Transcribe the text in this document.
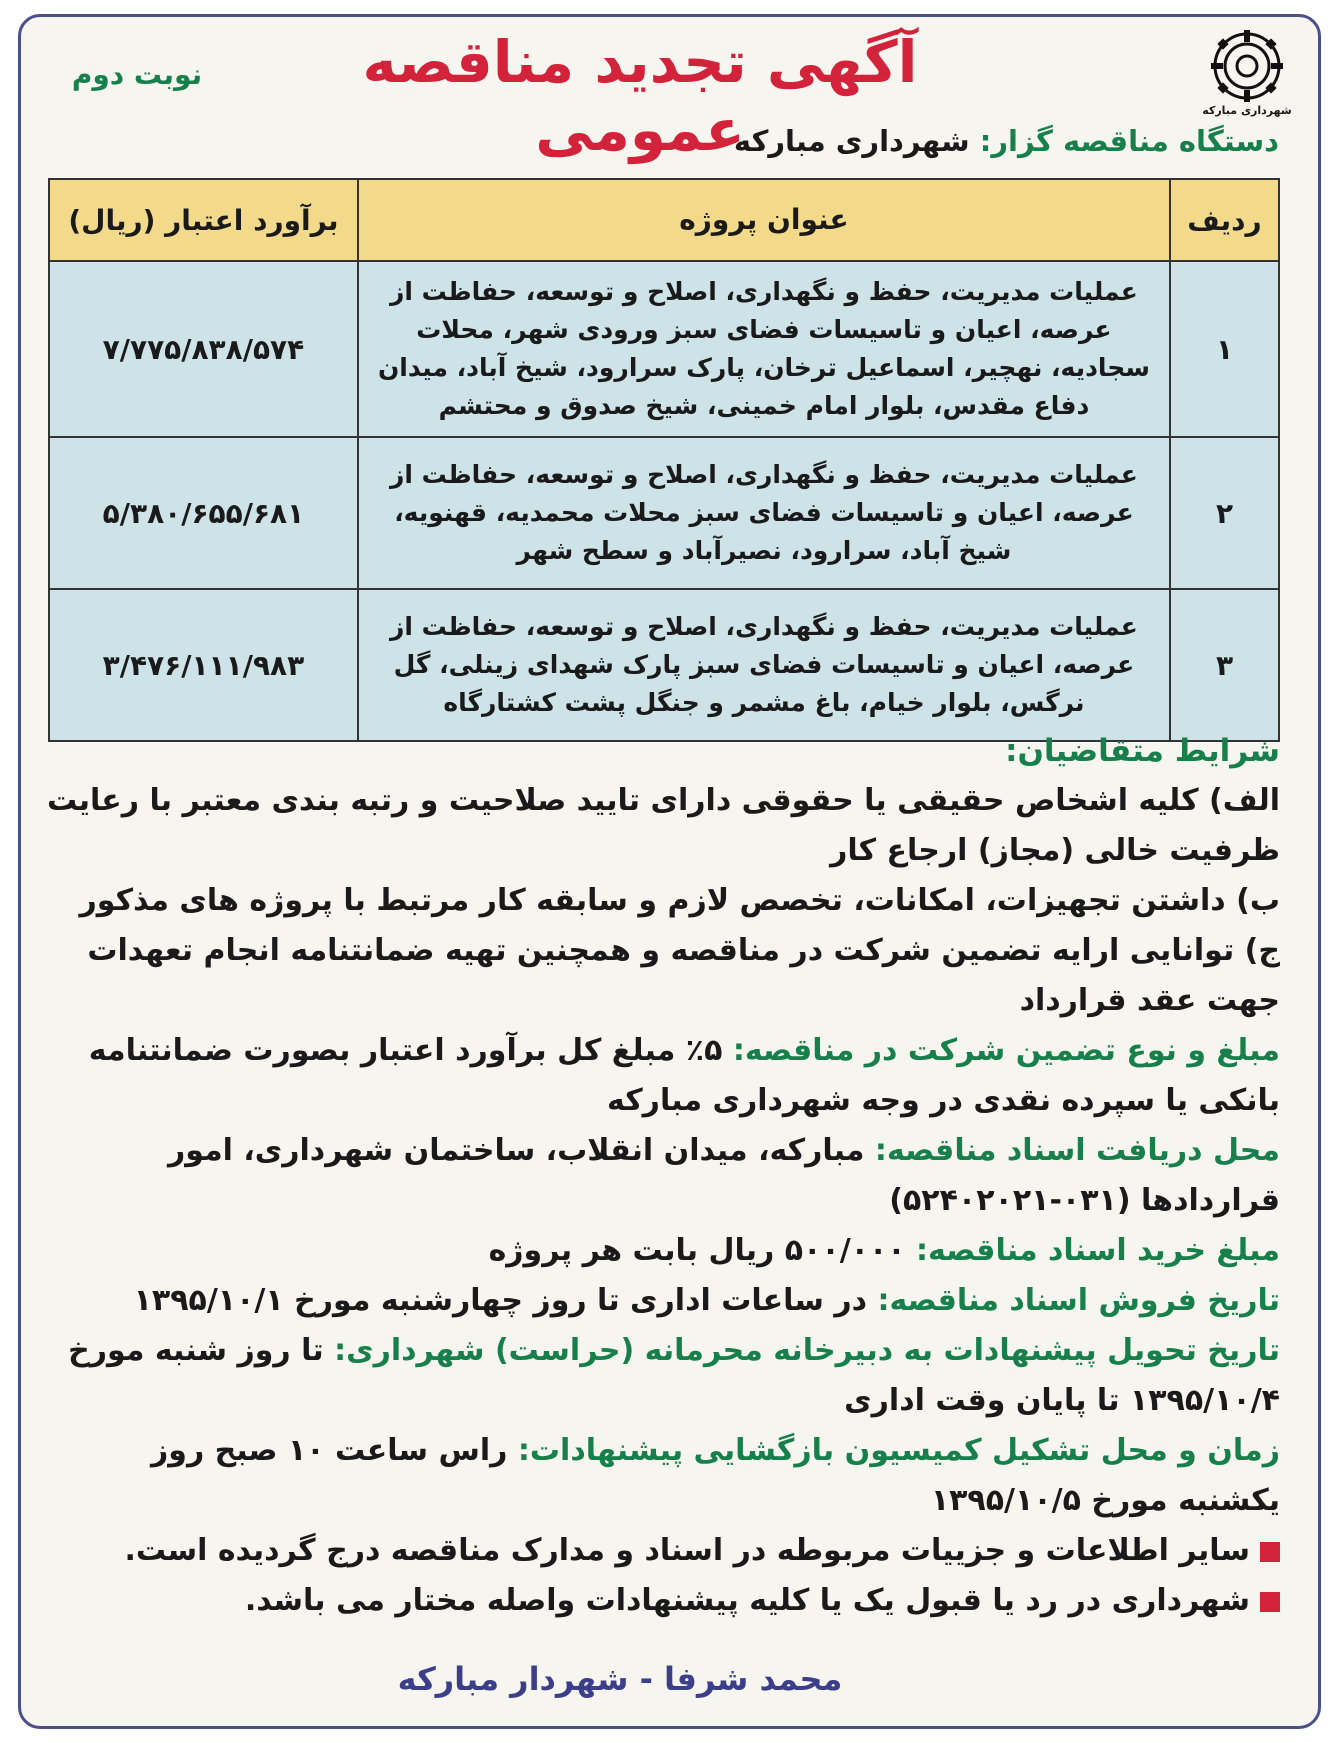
شهرداری مبارکه
آگهی تجدید مناقصه عمومی
نوبت دوم
دستگاه مناقصه گزار: شهرداری مبارکه
ردیف	عنوان پروژه	برآورد اعتبار (ریال)
۱	عملیات مدیریت، حفظ و نگهداری، اصلاح و توسعه، حفاظت از عرصه، اعیان و تاسیسات فضای سبز ورودی شهر، محلات سجادیه، نهچیر، اسماعیل ترخان، پارک سرارود، شیخ آباد، میدان دفاع مقدس، بلوار امام خمینی، شیخ صدوق و محتشم	۷/۷۷۵/۸۳۸/۵۷۴
۲	عملیات مدیریت، حفظ و نگهداری، اصلاح و توسعه، حفاظت از عرصه، اعیان و تاسیسات فضای سبز محلات محمدیه، قهنویه، شیخ آباد، سرارود، نصیرآباد و سطح شهر	۵/۳۸۰/۶۵۵/۶۸۱
۳	عملیات مدیریت، حفظ و نگهداری، اصلاح و توسعه، حفاظت از عرصه، اعیان و تاسیسات فضای سبز پارک شهدای زینلی، گل نرگس، بلوار خیام، باغ مشمر و جنگل پشت کشتارگاه	۳/۴۷۶/۱۱۱/۹۸۳

شرایط متقاضیان:

الف) کلیه اشخاص حقیقی یا حقوقی دارای تایید صلاحیت و رتبه بندی معتبر با رعایت ظرفیت خالی (مجاز) ارجاع کار

ب) داشتن تجهیزات، امکانات، تخصص لازم و سابقه کار مرتبط با پروژه های مذکور

ج) توانایی ارایه تضمین شرکت در مناقصه و همچنین تهیه ضمانتنامه انجام تعهدات جهت عقد قرارداد

مبلغ و نوع تضمین شرکت در مناقصه: ۵٪ مبلغ کل برآورد اعتبار بصورت ضمانتنامه بانکی یا سپرده نقدی در وجه شهرداری مبارکه

محل دریافت اسناد مناقصه: مبارکه، میدان انقلاب، ساختمان شهرداری، امور قراردادها (۰۳۱-۵۲۴۰۲۰۲۱)

مبلغ خرید اسناد مناقصه: ۵۰۰/۰۰۰ ریال بابت هر پروژه

تاریخ فروش اسناد مناقصه: در ساعات اداری تا روز چهارشنبه مورخ ۱۳۹۵/۱۰/۱

تاریخ تحویل پیشنهادات به دبیرخانه محرمانه (حراست) شهرداری: تا روز شنبه مورخ ۱۳۹۵/۱۰/۴ تا پایان وقت اداری

زمان و محل تشکیل کمیسیون بازگشایی پیشنهادات: راس ساعت ۱۰ صبح روز یکشنبه مورخ ۱۳۹۵/۱۰/۵

سایر اطلاعات و جزییات مربوطه در اسناد و مدارک مناقصه درج گردیده است.

شهرداری در رد یا قبول یک یا کلیه پیشنهادات واصله مختار می باشد.

محمد شرفا - شهردار مبارکه
